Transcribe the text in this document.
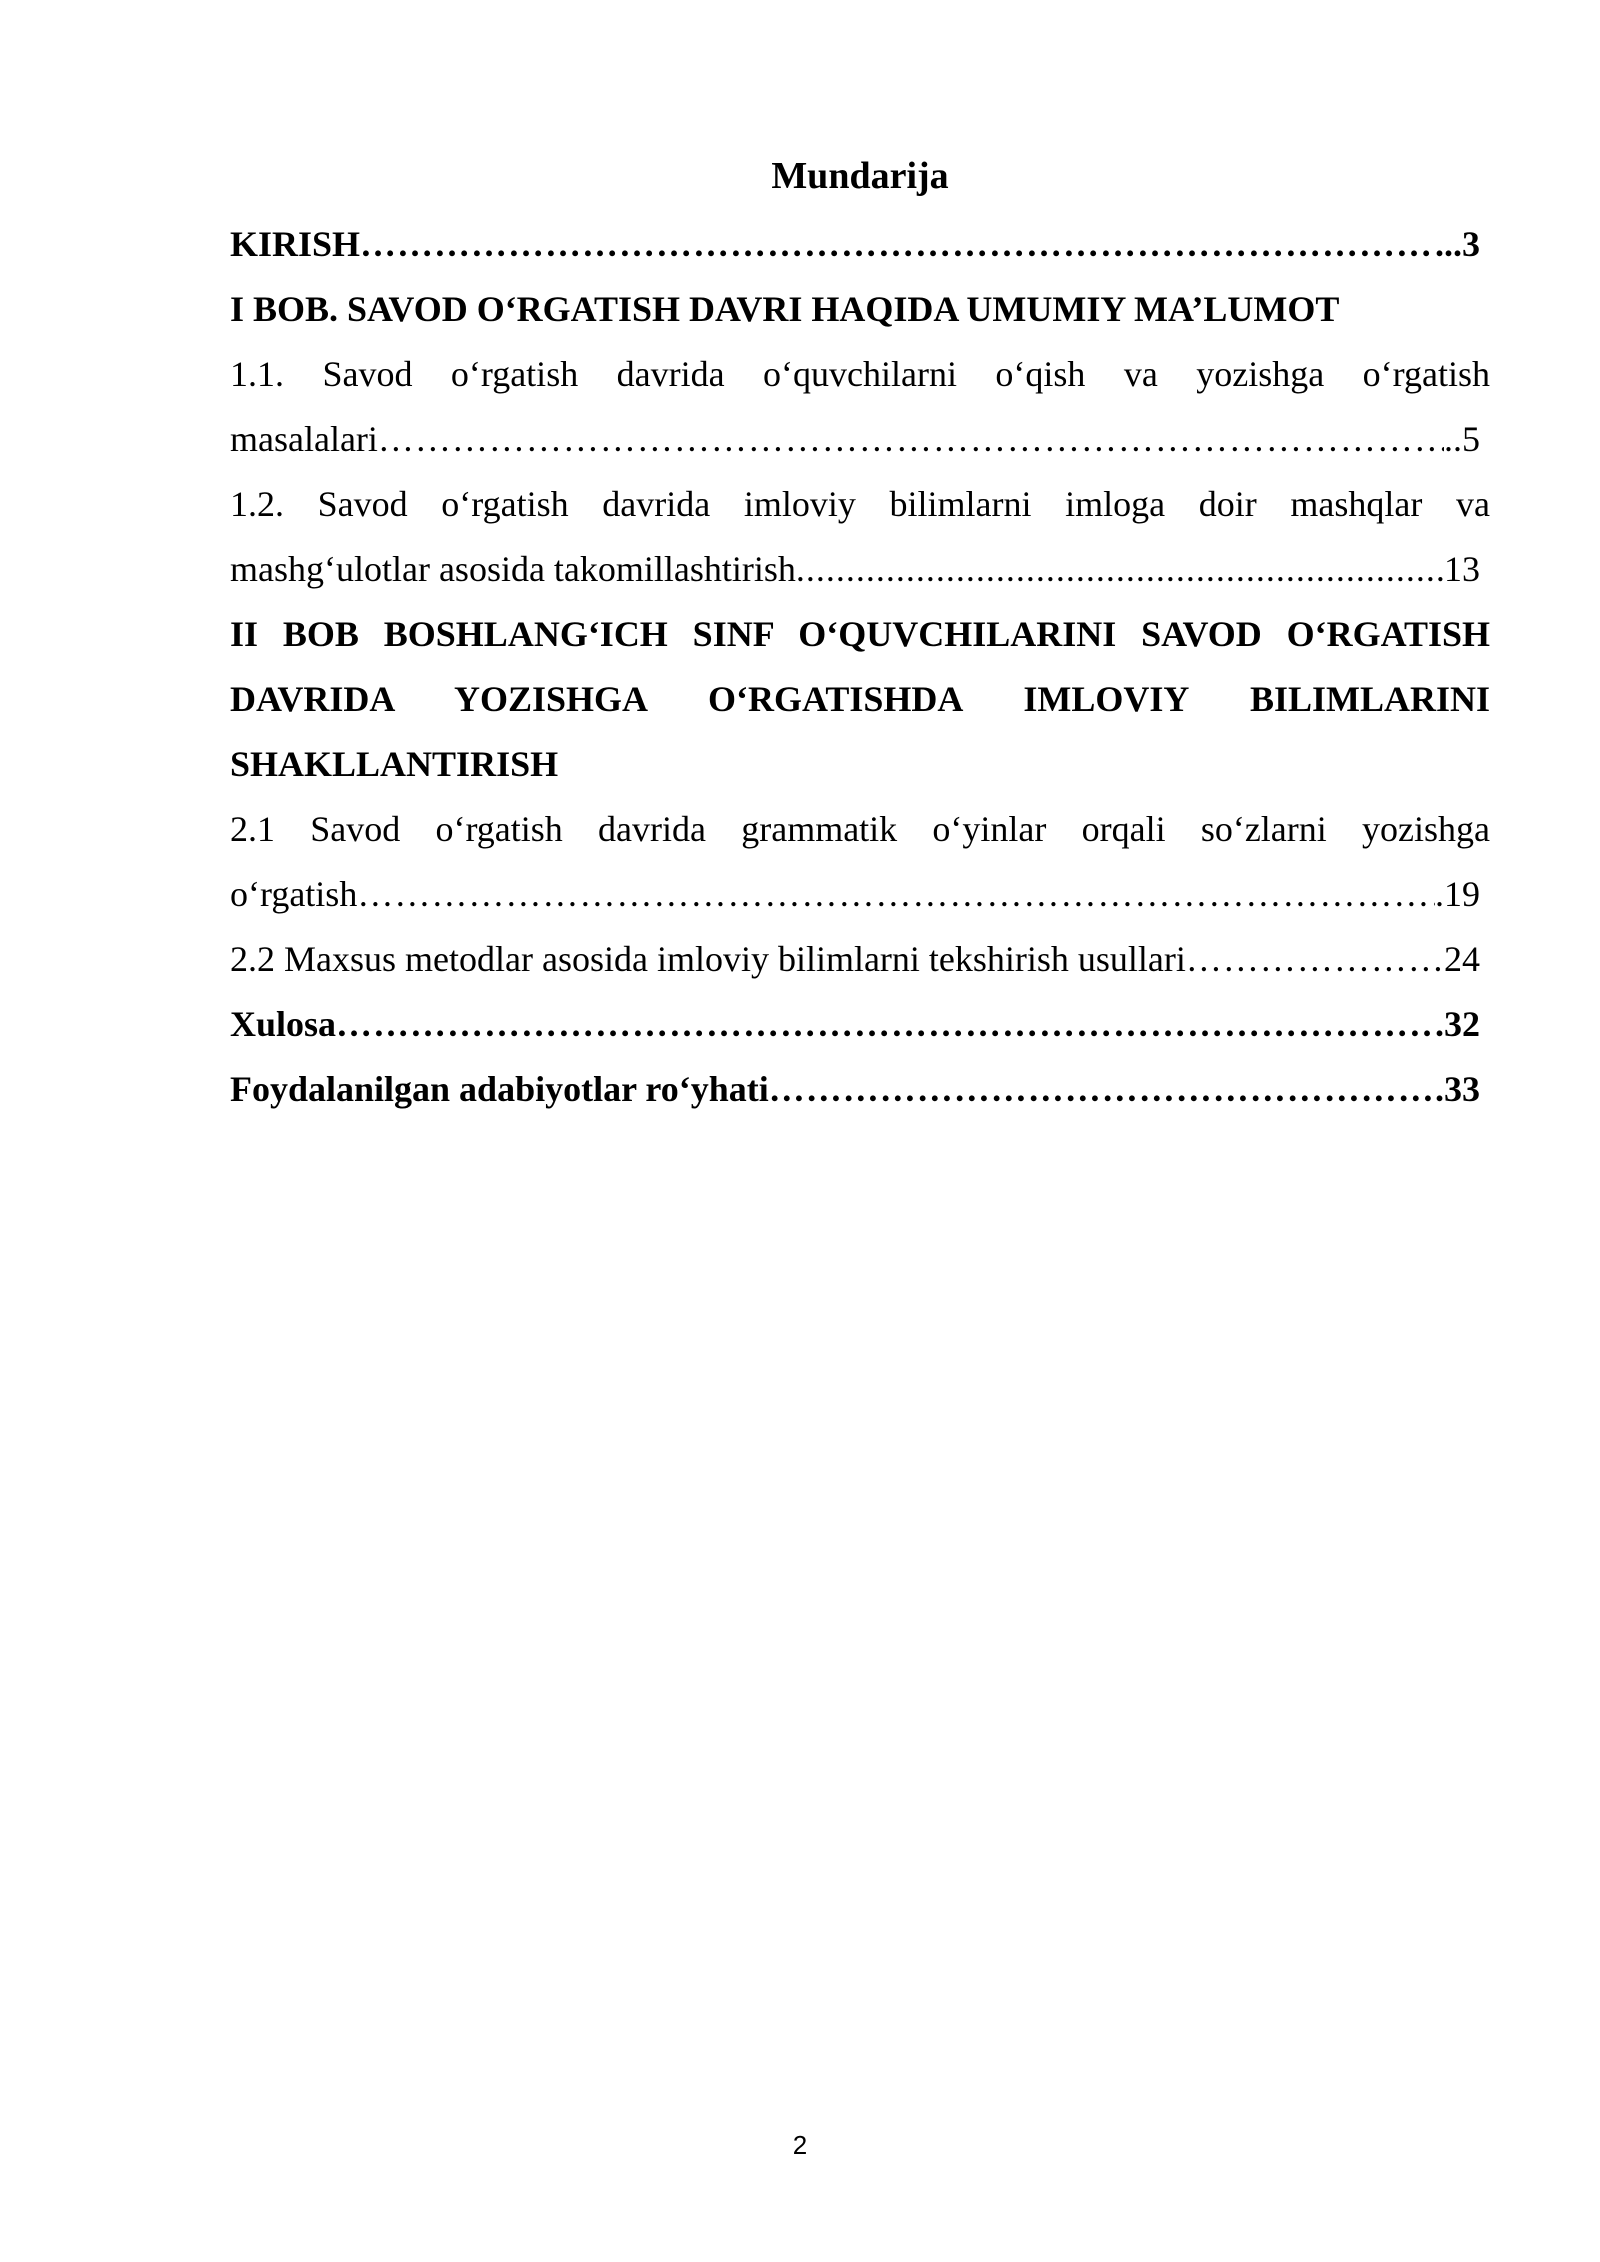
Mundarija
KIRISH ……………………………………………………………………………………………………………………………………………………………………………………………	...3
I BOB. SAVOD O‘RGATISH DAVRI HAQIDA UMUMIY MA’LUMOT
1.1. Savod o‘rgatish davrida o‘quvchilarni o‘qish va yozishga o‘rgatish
masalalari ……………………………………………………………………………………………………………………………………………………………………………………………	..5
1.2. Savod o‘rgatish davrida imloviy bilimlarni imloga doir mashqlar va
mashg‘ulotlar asosida takomillashtirish .....	13
II BOB BOSHLANG‘ICH SINF O‘QUVCHILARINI SAVOD O‘RGATISH
DAVRIDA YOZISHGA O‘RGATISHDA IMLOVIY BILIMLARINI
SHAKLLANTIRISH
2.1 Savod o‘rgatish davrida grammatik o‘yinlar orqali so‘zlarni yozishga
o‘rgatish ……………………………………………………………………………………………………………………………………………………………………………………………	.19
2.2 Maxsus metodlar asosida imloviy bilimlarni tekshirish usullari ……………………………………………………………………………………………………………………………………………………………………………………………	24
Xulosa ……………………………………………………………………………………………………………………………………………………………………………………………	.32
Foydalanilgan adabiyotlar ro‘yhati ……………………………………………………………………………………………………………………………………………………………………………………………	.33
2
